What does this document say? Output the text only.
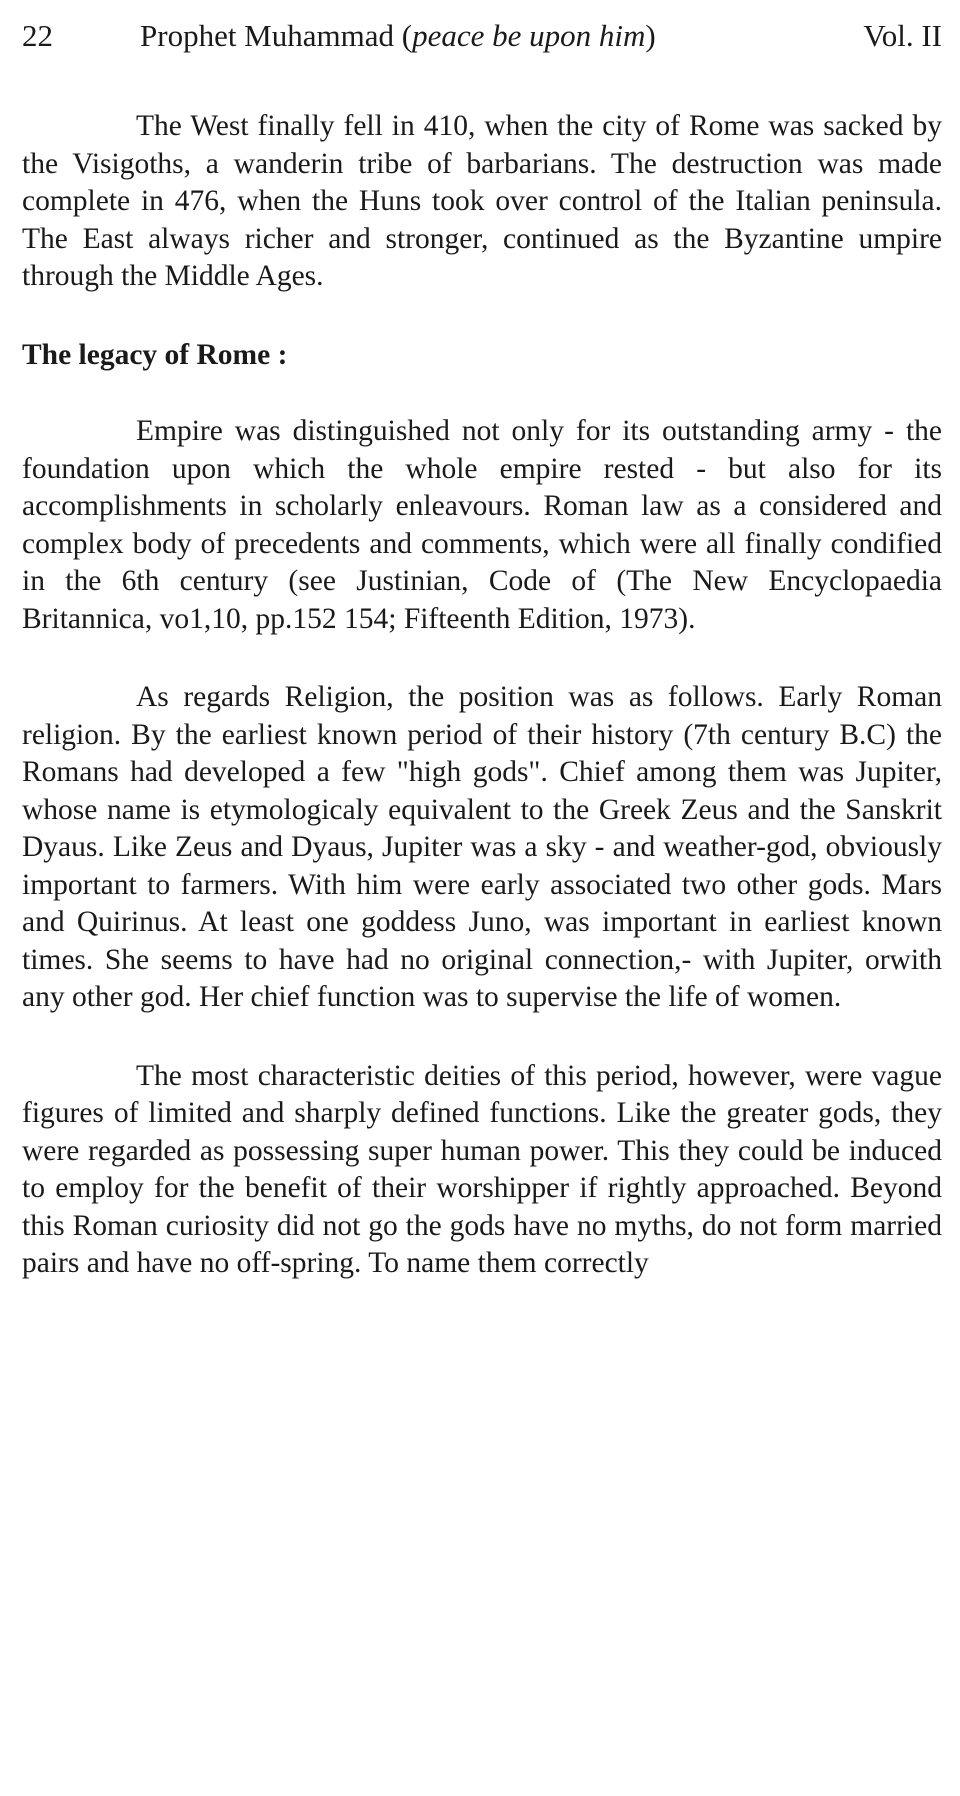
22	Prophet Muhammad (peace be upon him)	Vol. II

The West finally fell in 410, when the city of Rome was sacked by the Visigoths, a wanderin tribe of barbarians. The destruction was made complete in 476, when the Huns took over control of the Italian peninsula. The East always richer and stronger, continued as the Byzantine umpire through the Middle Ages.

The legacy of Rome :

Empire was distinguished not only for its outstanding army - the foundation upon which the whole empire rested - but also for its accomplishments in scholarly enleavours. Roman law as a considered and complex body of precedents and comments, which were all finally condified in the 6th century (see Justinian, Code of (The New Encyclopaedia Britannica, vo1,10, pp.152 154; Fifteenth Edition, 1973).

As regards Religion, the position was as follows. Early Roman religion. By the earliest known period of their history (7th century B.C) the Romans had developed a few "high gods". Chief among them was Jupiter, whose name is etymologicaly equivalent to the Greek Zeus and the Sanskrit Dyaus. Like Zeus and Dyaus, Jupiter was a sky - and weather-god, obviously important to farmers. With him were early associated two other gods. Mars and Quirinus. At least one goddess Juno, was important in earliest known times. She seems to have had no original connection,- with Jupiter, orwith any other god. Her chief function was to supervise the life of women.

The most characteristic deities of this period, however, were vague figures of limited and sharply defined functions. Like the greater gods, they were regarded as possessing super human power. This they could be induced to employ for the benefit of their worshipper if rightly approached. Beyond this Roman curiosity did not go the gods have no myths, do not form married pairs and have no off-spring. To name them correctly
